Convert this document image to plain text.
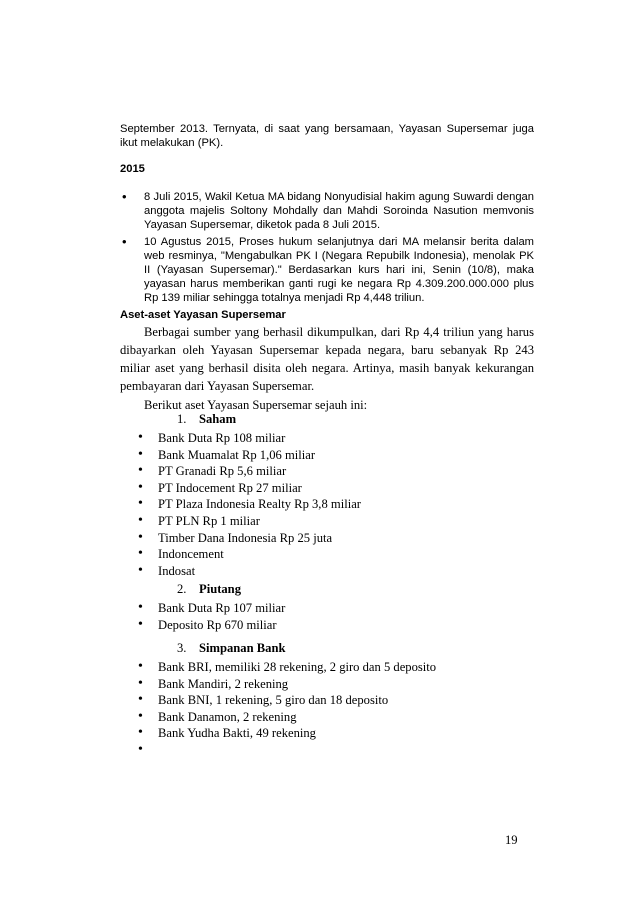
September 2013. Ternyata, di saat yang bersamaan, Yayasan Supersemar juga ikut melakukan (PK).

2015

• 8 Juli 2015, Wakil Ketua MA bidang Nonyudisial hakim agung Suwardi dengan anggota majelis Soltony Mohdally dan Mahdi Soroinda Nasution memvonis Yayasan Supersemar, diketok pada 8 Juli 2015.
• 10 Agustus 2015, Proses hukum selanjutnya dari MA melansir berita dalam web resminya, "Mengabulkan PK I (Negara Repubilk Indonesia), menolak PK II (Yayasan Supersemar)." Berdasarkan kurs hari ini, Senin (10/8), maka yayasan harus memberikan ganti rugi ke negara Rp 4.309.200.000.000 plus Rp 139 miliar sehingga totalnya menjadi Rp 4,448 triliun.

Aset-aset Yayasan Supersemar

Berbagai sumber yang berhasil dikumpulkan, dari Rp 4,4 triliun yang harus dibayarkan oleh Yayasan Supersemar kepada negara, baru sebanyak Rp 243 miliar aset yang berhasil disita oleh negara. Artinya, masih banyak kekurangan pembayaran dari Yayasan Supersemar.

Berikut aset Yayasan Supersemar sejauh ini:

1. Saham
• Bank Duta Rp 108 miliar
• Bank Muamalat Rp 1,06 miliar
• PT Granadi Rp 5,6 miliar
• PT Indocement Rp 27 miliar
• PT Plaza Indonesia Realty Rp 3,8 miliar
• PT PLN Rp 1 miliar
• Timber Dana Indonesia Rp 25 juta
• Indoncement
• Indosat
2. Piutang
• Bank Duta Rp 107 miliar
• Deposito Rp 670 miliar
3. Simpanan Bank
• Bank BRI, memiliki 28 rekening, 2 giro dan 5 deposito
• Bank Mandiri, 2 rekening
• Bank BNI, 1 rekening, 5 giro dan 18 deposito
• Bank Danamon, 2 rekening
• Bank Yudha Bakti, 49 rekening
•
19
